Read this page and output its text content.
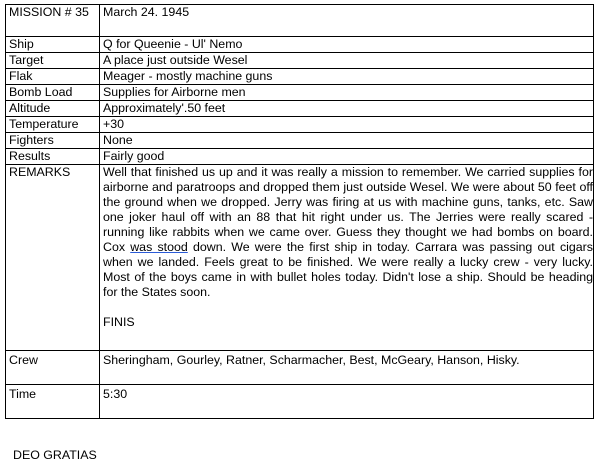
MISSION # 35	March 24. 1945
Ship	Q for Queenie - Ul' Nemo
Target	A place just outside Wesel
Flak	Meager - mostly machine guns
Bomb Load	Supplies for Airborne men
Altitude	Approximately'.50 feet
Temperature	+30
Fighters	None
Results	Fairly good
REMARKS	Well that finished us up and it was really a mission to remember. We carried supplies for airborne and paratroops and dropped them just outside Wesel. We were about 50 feet off the ground when we dropped. Jerry was firing at us with machine guns, tanks, etc. Saw one joker haul off with an 88 that hit right under us. The Jerries were really scared - running like rabbits when we came over. Guess they thought we had bombs on board. Cox was stood down. We were the first ship in today. Carrara was passing out cigars when we landed. Feels great to be finished. We were really a lucky crew - very lucky. Most of the boys came in with bullet holes today. Didn't lose a ship. Should be heading for the States soon.
FINIS

Crew	Sheringham, Gourley, Ratner, Scharmacher, Best, McGeary, Hanson, Hisky.
Time	5:30
DEO GRATIAS
